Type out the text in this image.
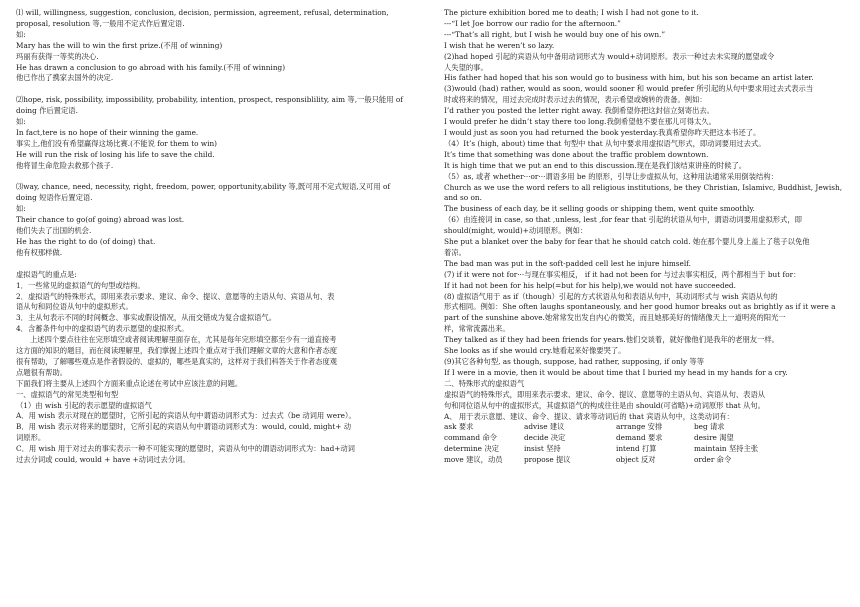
⑴ will, willingness, suggestion, conclusion, decision, permission, agreement, refusal, determination,
proposal, resolution 等,一般用不定式作后置定语.
如:
Mary has the will to win the first prize.(不用 of winning)
玛丽有获得一等奖的决心.
He has drawn a conclusion to go abroad with his family.(不用 of winning)
他已作出了携家去国外的决定.
⑵hope, risk, possibility, impossibility, probability, intention, prospect, responsiblility, aim 等,一般只能用 of
doing 作后置定语.
如:
In fact,tere is no hope of their winning the game.
事实上,他们没有希望赢得这场比赛.(不能说 for them to win)
He will run the risk of losing his life to save the child.
他将冒生命危险去救那个孩子.
⑶way, chance, need, necessity, right, freedom, power, opportunity,ability 等,既可用不定式短语,又可用 of
doing 短语作后置定语.
如:
Their chance to go(of going) abroad was lost.
他们失去了出国的机会.
He has the right to do (of doing) that.
他有权那样做.
虚拟语气的重点是:
1．一些常见的虚拟语气的句型或结构。
2．虚拟语气的特殊形式，即用来表示要求、建议、命令、提议、意愿等的主语从句、宾语从句、表
语从句和同位语从句中的虚拟形式。
3．主从句表示不同的时间概念、事实或假设情况，从而交错成为复合虚拟语气。
4．含蓄条件句中的虚拟语气的表示愿望的虚拟形式。
上述四个要点往往在完形填空或者阅读理解里面存在，尤其是每年完形填空都至少有一道直接考
这方面的知识的题目，而在阅读理解里，我们掌握上述四个重点对于我们理解文章的大意和作者态度
很有帮助，了解哪些观点是作者假设的、虚拟的，哪些是真实的，这样对于我们科答关于作者态度观
点题很有帮助。
下面我们将主要从上述四个方面来重点论述在考试中应该注意的问题。
一、虚拟语气的常见类型和句型
（1）由 wish 引起的表示愿望的虚拟语气
A．用 wish 表示对现在的愿望时，它所引起的宾语从句中谓语动词形式为：过去式（be 动词用 were）。
B．用 wish 表示对将来的愿望时，它所引起的宾语从句中谓语动词形式为：would, could, might+ 动
词原形。
C．用 wish 用于对过去的事实表示一种不可能实现的愿望时，宾语从句中的谓语动词形式为：had+动词
过去分词或 could, would + have +动词过去分词。
The picture exhibition bored me to death; I wish I had not gone to it.
---“I let Joe borrow our radio for the afternoon.”
---“That’s all right, but I wish he would buy one of his own.”
I wish that he weren’t so lazy.
(2)had hoped 引起的宾语从句中备用动词形式为 would+动词原形。表示一种过去未实现的愿望或令
人失望的事。
His father had hoped that his son would go to business with him, but his son became an artist later.
(3)would (had) rather, would as soon, would sooner 和 would prefer 所引起的从句中要求用过去式表示当
时或将来的情况，用过去完成时表示过去的情况，表示希望或婉转的责备。例如：
I’d rather you posted the letter right away. 我倒希望你把这封信立刻寄出去。
I would prefer he didn’t stay there too long.我倒希望他不要在那儿可得太久。
I would just as soon you had returned the book yesterday.我真希望你昨天把这本书还了。
（4）It’s (high, about) time that 句型中 that 从句中要求用虚拟语气形式，即动词要用过去式。
It’s time that something was done about the traffic problem downtown.
It is high time that we put an end to this discussion.现在是我们该结束讲座的时候了。
（5）as, 或者 whether···or···谓语多用 be 的原形，引导让步虚拟从句，这种用法通常采用倒装结构：
Church as we use the word refers to all religious institutions, be they Christian, Islamivc, Buddhist, Jewish,
and so on.
The business of each day, be it selling goods or shipping them, went quite smoothly.
（6）由连接词 in case, so that ,unless, lest ,for fear that 引起的状语从句中，谓语动词要用虚拟形式，即
should(might, would)+动词原形。例如：
She put a blanket over the baby for fear that he should catch cold. 她在那个婴儿身上盖上了毯子以免他
着凉。
The bad man was put in the soft-padded cell lest he injure himself.
(7) if it were not for···与现在事实相反， if it had not been for 与过去事实相反，两个都相当于 but for：
If it had not been for his help(=but for his help),we would not have succeeded.
(8) 虚拟语气用于 as if（though）引起的方式状语从句和表语从句中，其动词形式与 wish 宾语从句的
形式相同。例如：She often laughs spontaneously, and her good humor breaks out as brightly as if it were a
part of the sunshine above.她常常发出发自内心的微笑，而且她那美好的情绪像天上一道明亮的阳光一
样，常常流露出来。
They talked as if they had been friends for years.他们交谈着，就好像他们是我年的老朋友一样。
She looks as if she would cry.她看起来好像要哭了。
(9)其它各种句型, as though, suppose, had rather, supposing, if only 等等
If I were in a movie, then it would be about time that I buried my head in my hands for a cry.
二、特殊形式的虚拟语气
虚拟语气的特殊形式，即用来表示要求、建议、命令、提议、意愿等的主语从句、宾语从句、表语从
句和同位语从句中的虚拟形式，其虚拟语气的构成往往是由 should(可省略)+动词原形 that 从句。
A、 用于表示意愿、建议、命令、提议、请求等动词后的 that 宾语从句中，这类动词有：
ask 要求	advise 建议	arrange 安排	beg 请求
command 命令	decide 决定	demand 要求	desire 渴望
determine 决定	insist 坚持	intend 打算	maintain 坚持主张
move 建议，动员	propose 提议	object 反对	order 命令
